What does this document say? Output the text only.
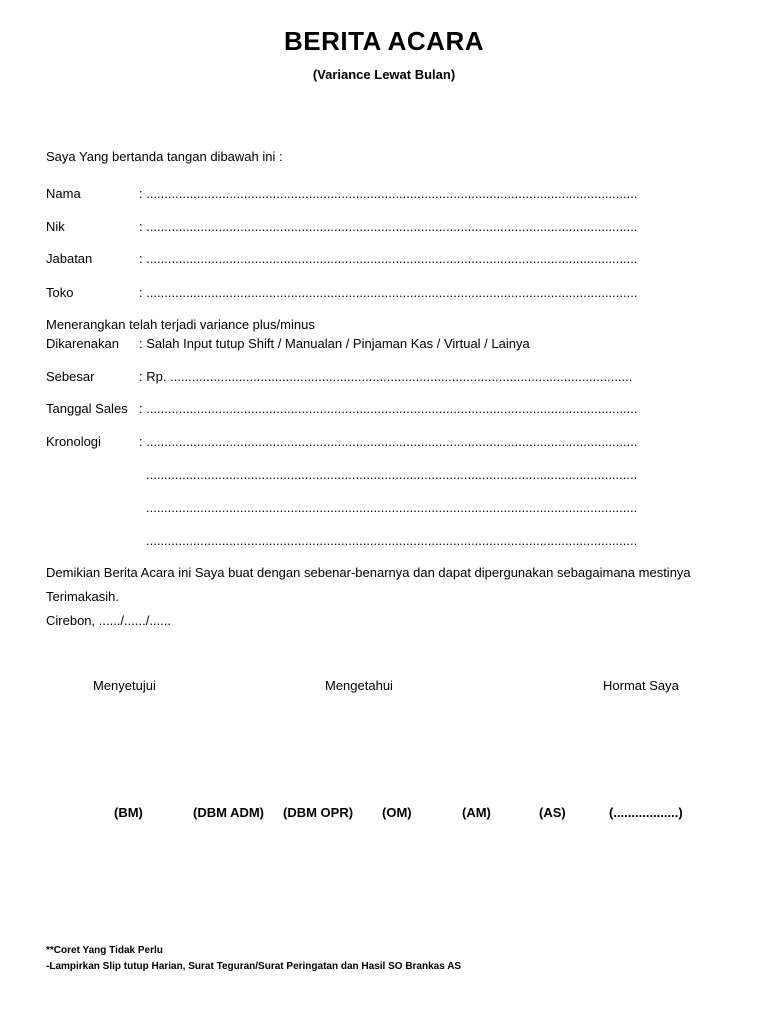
BERITA ACARA
(Variance Lewat Bulan)
Saya Yang bertanda tangan dibawah ini :
Nama	: ........................................................................................................................................
Nik	: ........................................................................................................................................
Jabatan	: ........................................................................................................................................
Toko	: ........................................................................................................................................
Menerangkan telah terjadi variance plus/minus
Dikarenakan : Salah Input tutup Shift / Manualan / Pinjaman Kas / Virtual / Lainya
Sebesar	: Rp. ................................................................................................................................
Tanggal Sales : ........................................................................................................................................
Kronologi	: ........................................................................................................................................
........................................................................................................................................
........................................................................................................................................
........................................................................................................................................
Demikian Berita Acara ini Saya buat dengan sebenar-benarnya dan dapat dipergunakan sebagaimana mestinya
Terimakasih.
Cirebon, ....../....../......
Menyetujui	Mengetahui	Hormat Saya
(BM)	(DBM ADM) (DBM OPR) (OM)	(AM)	(AS)	(..................)
**Coret Yang Tidak Perlu
-Lampirkan Slip tutup Harian, Surat Teguran/Surat Peringatan dan Hasil SO Brankas AS
